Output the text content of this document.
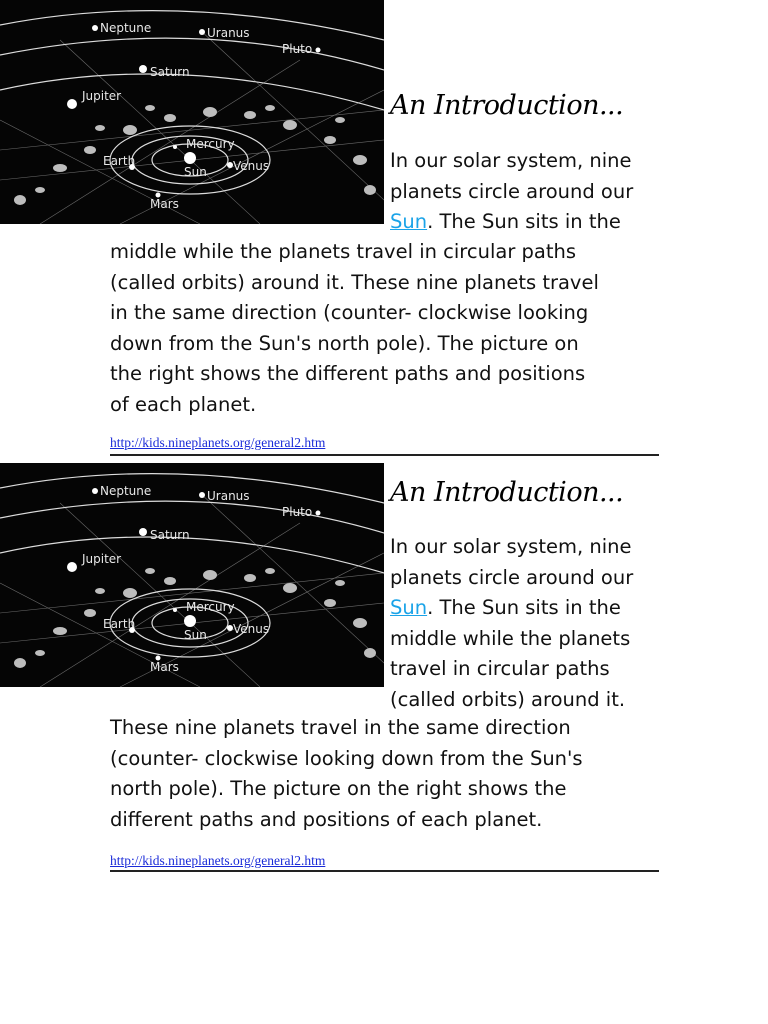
Neptune	Uranus
Pluto
Saturn
Jupiter
Mercury
Earth	Venus
Sun
Mars
An Introduction...

In our solar system, nine
planets circle around our
Sun. The Sun sits in the

middle while the planets travel in circular paths
(called orbits) around it. These nine planets travel
in the same direction (counter- clockwise looking
down from the Sun's north pole). The picture on
the right shows the different paths and positions
of each planet.

http://kids.nineplanets.org/general2.htm
Neptune	Uranus
Pluto
Saturn
Jupiter
Mercury
Earth	Venus
Sun
Mars
An Introduction...

In our solar system, nine
planets circle around our
Sun. The Sun sits in the
middle while the planets
travel in circular paths
(called orbits) around it.

These nine planets travel in the same direction
(counter- clockwise looking down from the Sun's
north pole). The picture on the right shows the
different paths and positions of each planet.

http://kids.nineplanets.org/general2.htm
